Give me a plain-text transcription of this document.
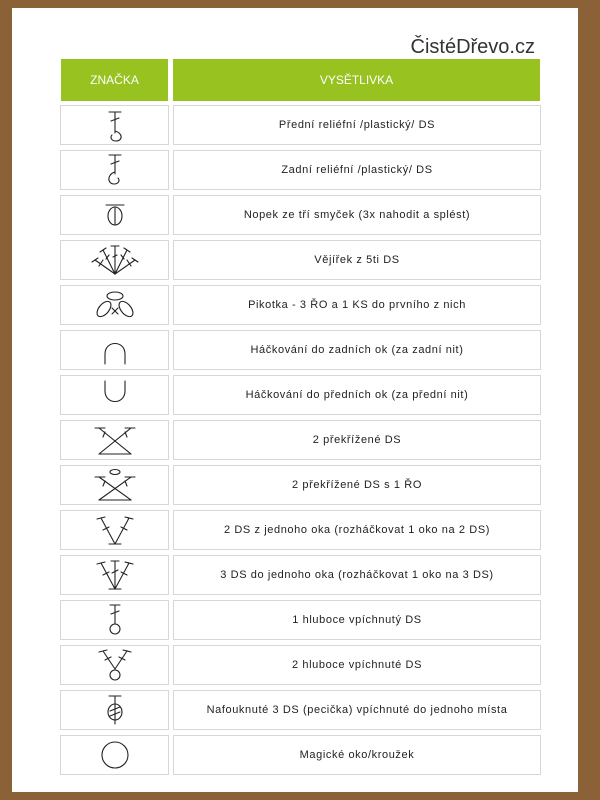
ČistéDřevo.cz
ZNAČKA	VYSĚTLIVKA
Přední reliéfní /plastický/ DS
Zadní reliéfní /plastický/ DS
Nopek ze tří smyček (3x nahodit a splést)
Vějířek z 5ti DS
Pikotka - 3 ŘO a 1 KS do prvního z nich
Háčkování do zadních ok (za zadní nit)
Háčkování do předních ok (za přední nit)
2 překřížené DS
2 překřížené DS s 1 ŘO
2 DS z jednoho oka (rozháčkovat 1 oko na 2 DS)
3 DS do jednoho oka (rozháčkovat 1 oko na 3 DS)
1 hluboce vpíchnutý DS
2 hluboce vpíchnuté DS
Nafouknuté 3 DS (pecička) vpíchnuté do jednoho místa
Magické oko/kroužek
